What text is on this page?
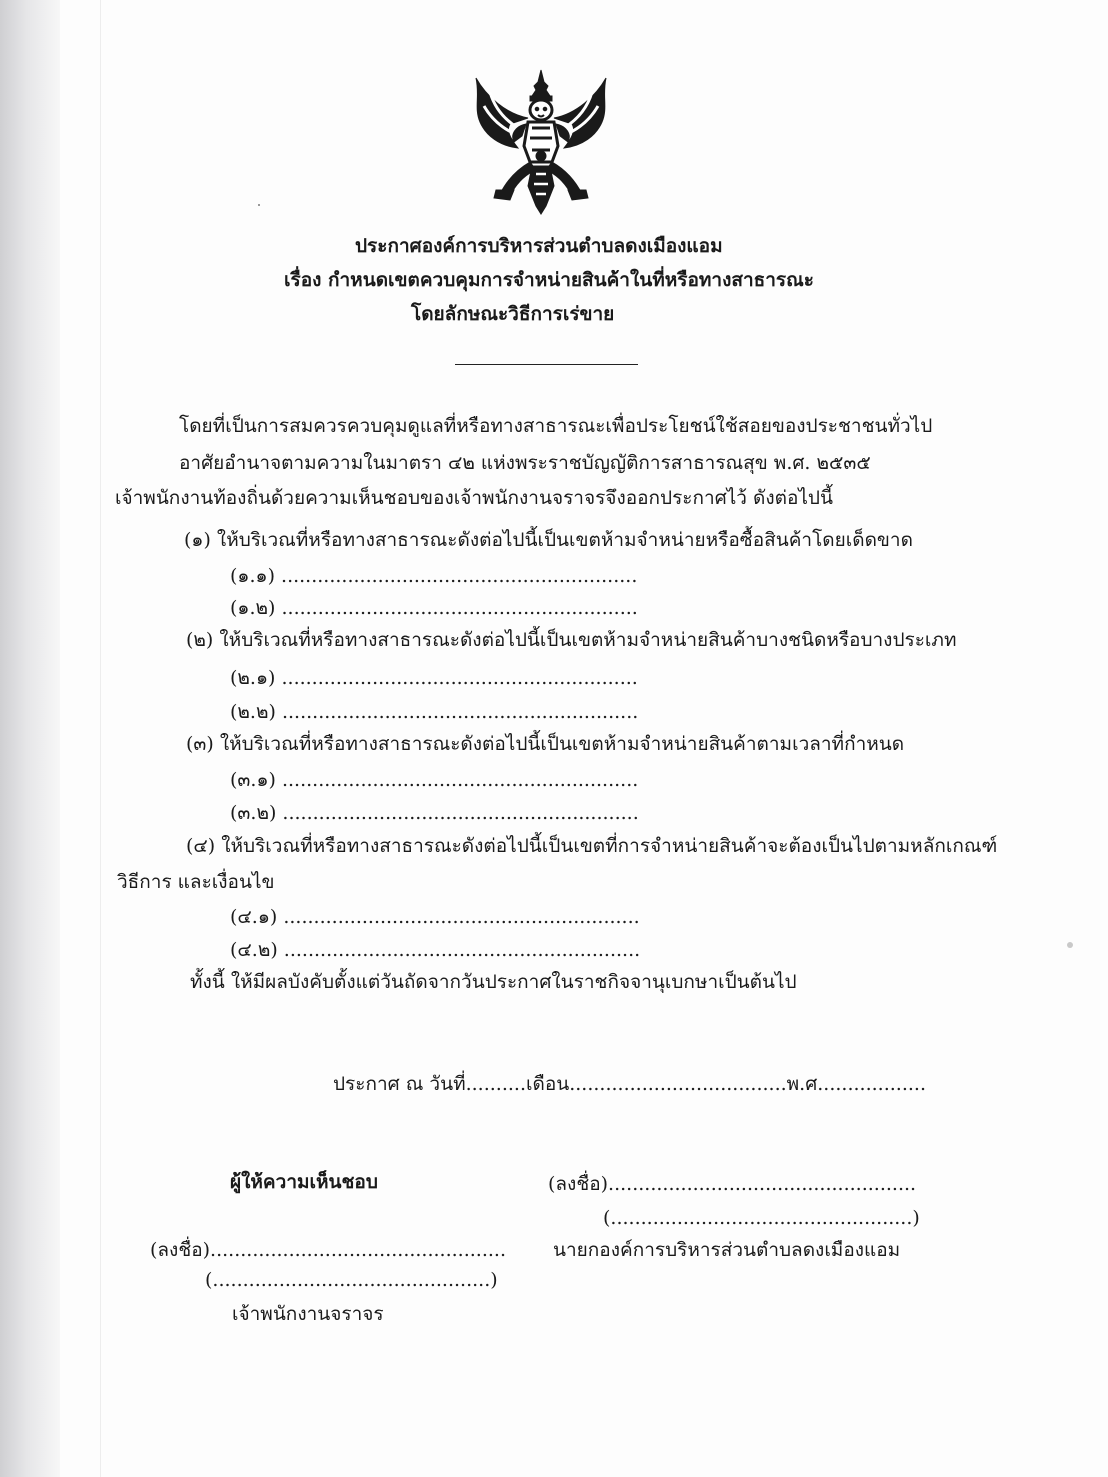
ประกาศองค์การบริหารส่วนตำบลดงเมืองแอม
เรื่อง กำหนดเขตควบคุมการจำหน่ายสินค้าในที่หรือทางสาธารณะ
โดยลักษณะวิธีการเร่ขาย
โดยที่เป็นการสมควรควบคุมดูแลที่หรือทางสาธารณะเพื่อประโยชน์ใช้สอยของประชาชนทั่วไป
อาศัยอำนาจตามความในมาตรา ๔๒ แห่งพระราชบัญญัติการสาธารณสุข พ.ศ. ๒๕๓๕
เจ้าพนักงานท้องถิ่นด้วยความเห็นชอบของเจ้าพนักงานจราจรจึงออกประกาศไว้ ดังต่อไปนี้
(๑) ให้บริเวณที่หรือทางสาธารณะดังต่อไปนี้เป็นเขตห้ามจำหน่ายหรือซื้อสินค้าโดยเด็ดขาด
(๑.๑) ...........................................................
(๑.๒) ...........................................................
(๒) ให้บริเวณที่หรือทางสาธารณะดังต่อไปนี้เป็นเขตห้ามจำหน่ายสินค้าบางชนิดหรือบางประเภท
(๒.๑) ...........................................................
(๒.๒) ...........................................................
(๓) ให้บริเวณที่หรือทางสาธารณะดังต่อไปนี้เป็นเขตห้ามจำหน่ายสินค้าตามเวลาที่กำหนด
(๓.๑) ...........................................................
(๓.๒) ...........................................................
(๔) ให้บริเวณที่หรือทางสาธารณะดังต่อไปนี้เป็นเขตที่การจำหน่ายสินค้าจะต้องเป็นไปตามหลักเกณฑ์
วิธีการ และเงื่อนไข
(๔.๑) ...........................................................
(๔.๒) ...........................................................
ทั้งนี้ ให้มีผลบังคับตั้งแต่วันถัดจากวันประกาศในราชกิจจานุเบกษาเป็นต้นไป
ประกาศ ณ วันที่..........เดือน....................................พ.ศ..................
ผู้ให้ความเห็นชอบ
(ลงชื่อ).................................................
(..............................................)
เจ้าพนักงานจราจร
(ลงชื่อ)...................................................
(..................................................)
นายกองค์การบริหารส่วนตำบลดงเมืองแอม
